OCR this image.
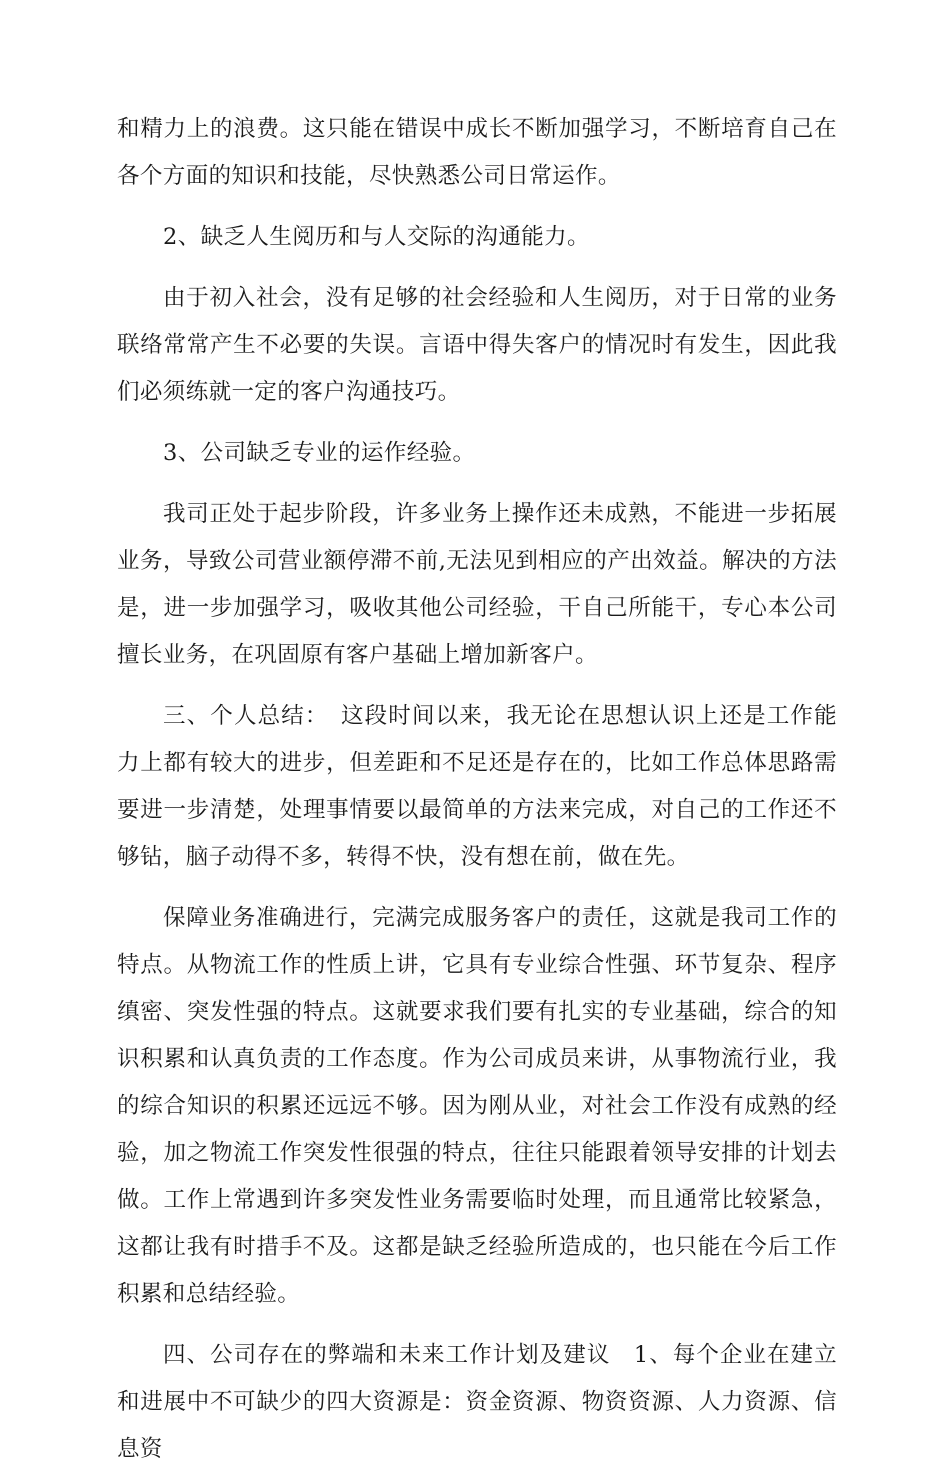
和精力上的浪费。这只能在错误中成长不断加强学习，不断培育自己在各个方面的知识和技能，尽快熟悉公司日常运作。

2、缺乏人生阅历和与人交际的沟通能力。

由于初入社会，没有足够的社会经验和人生阅历，对于日常的业务联络常常产生不必要的失误。言语中得失客户的情况时有发生，因此我们必须练就一定的客户沟通技巧。

3、公司缺乏专业的运作经验。

我司正处于起步阶段，许多业务上操作还未成熟，不能进一步拓展业务，导致公司营业额停滞不前,无法见到相应的产出效益。解决的方法是，进一步加强学习，吸收其他公司经验，干自己所能干，专心本公司擅长业务，在巩固原有客户基础上增加新客户。

三、个人总结：　这段时间以来，我无论在思想认识上还是工作能力上都有较大的进步，但差距和不足还是存在的，比如工作总体思路需要进一步清楚，处理事情要以最简单的方法来完成，对自己的工作还不够钻，脑子动得不多，转得不快，没有想在前，做在先。

保障业务准确进行，完满完成服务客户的责任，这就是我司工作的特点。从物流工作的性质上讲，它具有专业综合性强、环节复杂、程序缜密、突发性强的特点。这就要求我们要有扎实的专业基础，综合的知识积累和认真负责的工作态度。作为公司成员来讲，从事物流行业，我的综合知识的积累还远远不够。因为刚从业，对社会工作没有成熟的经验，加之物流工作突发性很强的特点，往往只能跟着领导安排的计划去做。工作上常遇到许多突发性业务需要临时处理，而且通常比较紧急，这都让我有时措手不及。这都是缺乏经验所造成的，也只能在今后工作积累和总结经验。

四、公司存在的弊端和未来工作计划及建议　1、每个企业在建立和进展中不可缺少的四大资源是：资金资源、物资资源、人力资源、信息资
